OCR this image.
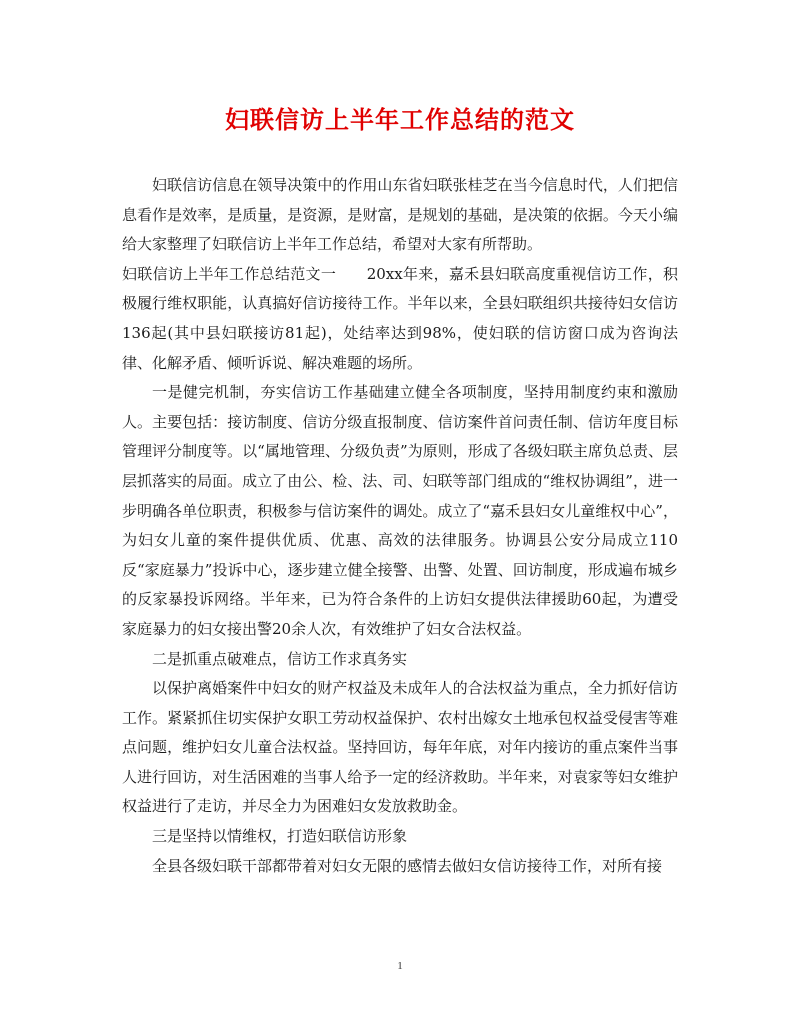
妇联信访上半年工作总结的范文

妇联信访信息在领导决策中的作用山东省妇联张桂芝在当今信息时代，人们把信息看作是效率，是质量，是资源，是财富，是规划的基础，是决策的依据。今天小编给大家整理了妇联信访上半年工作总结，希望对大家有所帮助。

妇联信访上半年工作总结范文一　　20xx年来，嘉禾县妇联高度重视信访工作，积极履行维权职能，认真搞好信访接待工作。半年以来，全县妇联组织共接待妇女信访136起(其中县妇联接访81起)，处结率达到98%，使妇联的信访窗口成为咨询法律、化解矛盾、倾听诉说、解决难题的场所。

一是健完机制，夯实信访工作基础建立健全各项制度，坚持用制度约束和激励人。主要包括：接访制度、信访分级直报制度、信访案件首问责任制、信访年度目标管理评分制度等。以“属地管理、分级负责”为原则，形成了各级妇联主席负总责、层层抓落实的局面。成立了由公、检、法、司、妇联等部门组成的“维权协调组”，进一步明确各单位职责，积极参与信访案件的调处。成立了“嘉禾县妇女儿童维权中心”，为妇女儿童的案件提供优质、优惠、高效的法律服务。协调县公安分局成立110反“家庭暴力”投诉中心，逐步建立健全接警、出警、处置、回访制度，形成遍布城乡的反家暴投诉网络。半年来，已为符合条件的上访妇女提供法律援助60起，为遭受家庭暴力的妇女接出警20余人次，有效维护了妇女合法权益。

二是抓重点破难点，信访工作求真务实

以保护离婚案件中妇女的财产权益及未成年人的合法权益为重点，全力抓好信访工作。紧紧抓住切实保护女职工劳动权益保护、农村出嫁女土地承包权益受侵害等难点问题，维护妇女儿童合法权益。坚持回访，每年年底，对年内接访的重点案件当事人进行回访，对生活困难的当事人给予一定的经济救助。半年来，对袁家等妇女维护权益进行了走访，并尽全力为困难妇女发放救助金。

三是坚持以情维权，打造妇联信访形象

全县各级妇联干部都带着对妇女无限的感情去做妇女信访接待工作，对所有接

1
